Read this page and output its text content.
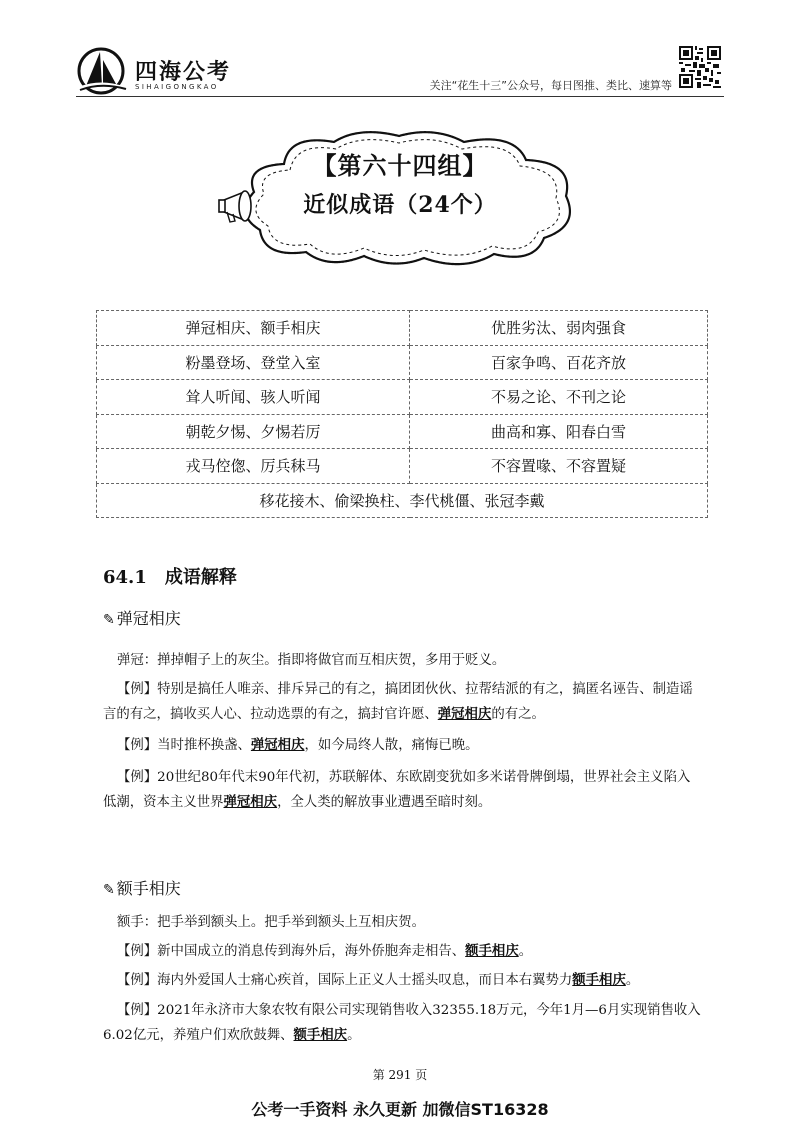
四海公考
SIHAIGONGKAO	关注“花生十三”公众号，每日图推、类比、速算等
【第六十四组】
近似成语（24个）
弹冠相庆、额手相庆	优胜劣汰、弱肉强食
粉墨登场、登堂入室	百家争鸣、百花齐放
耸人听闻、骇人听闻	不易之论、不刊之论
朝乾夕惕、夕惕若厉	曲高和寡、阳春白雪
戎马倥偬、厉兵秣马	不容置喙、不容置疑
移花接木、偷梁换柱、李代桃僵、张冠李戴	
64.1　成语解释
✎ 弹冠相庆
弹冠：掸掉帽子上的灰尘。指即将做官而互相庆贺，多用于贬义。
【例】特别是搞任人唯亲、排斥异己的有之，搞团团伙伙、拉帮结派的有之，搞匿名诬告、制造谣言的有之，搞收买人心、拉动选票的有之，搞封官许愿、弹冠相庆的有之。
【例】当时推杯换盏、弹冠相庆，如今局终人散，痛悔已晚。
【例】20世纪80年代末90年代初，苏联解体、东欧剧变犹如多米诺骨牌倒塌，世界社会主义陷入低潮，资本主义世界弹冠相庆，全人类的解放事业遭遇至暗时刻。
✎ 额手相庆
额手：把手举到额头上。把手举到额头上互相庆贺。
【例】新中国成立的消息传到海外后，海外侨胞奔走相告、额手相庆。
【例】海内外爱国人士痛心疾首，国际上正义人士摇头叹息，而日本右翼势力额手相庆。
【例】2021年永济市大象农牧有限公司实现销售收入32355.18万元，今年1月—6月实现销售收入6.02亿元，养殖户们欢欣鼓舞、额手相庆。
第 291 页
公考一手资料 永久更新 加微信ST16328
